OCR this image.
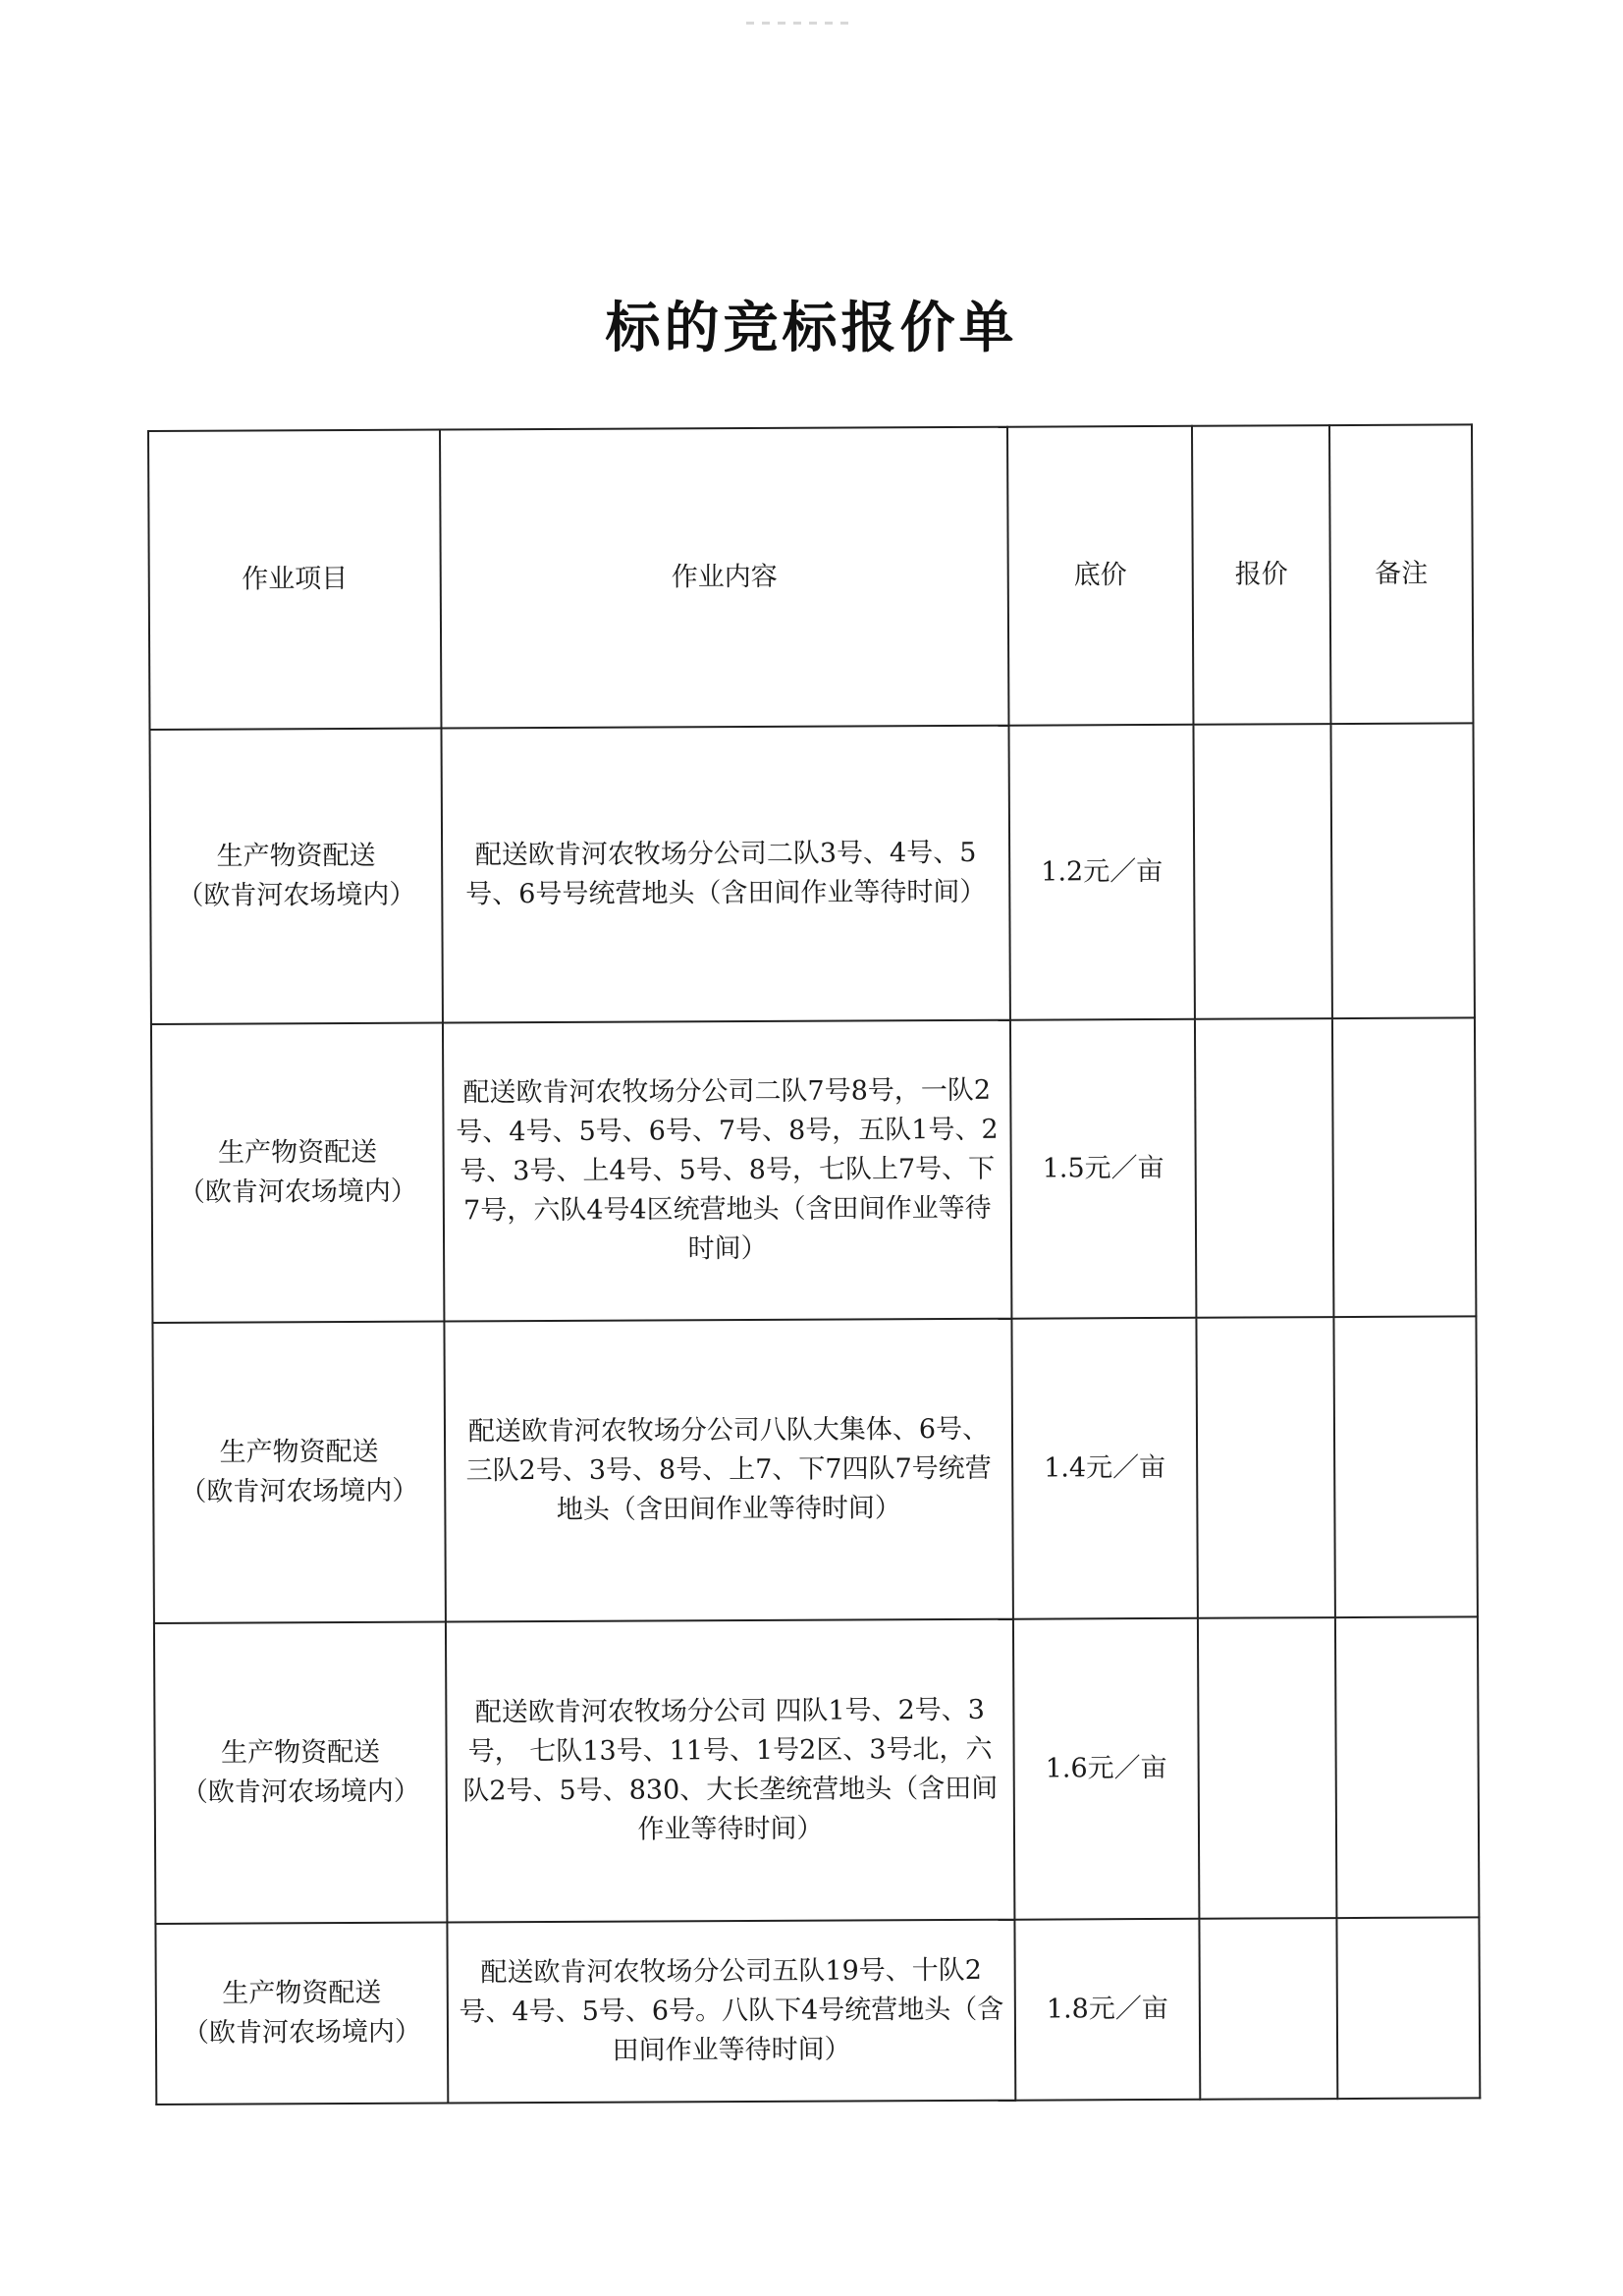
标的竞标报价单
作业项目	作业内容	底价	报价	备注

生产物资配送
（欧肯河农场境内）	配送欧肯河农牧场分公司二队3号、4号、5号、6号号统营地头（含田间作业等待时间）	1.2元／亩		

生产物资配送
（欧肯河农场境内）	配送欧肯河农牧场分公司二队7号8号，一队2号、4号、5号、6号、7号、8号，五队1号、2号、3号、上4号、5号、8号，七队上7号、下7号，六队4号4区统营地头（含田间作业等待时间）	1.5元／亩		

生产物资配送
（欧肯河农场境内）	配送欧肯河农牧场分公司八队大集体、6号、三队2号、3号、8号、上7、下7四队7号统营地头（含田间作业等待时间）	1.4元／亩		

生产物资配送
（欧肯河农场境内）	配送欧肯河农牧场分公司 四队1号、2号、3号， 七队13号、11号、1号2区、3号北，六队2号、5号、830、大长垄统营地头（含田间作业等待时间）	1.6元／亩		

生产物资配送
（欧肯河农场境内）	配送欧肯河农牧场分公司五队19号、十队2号、4号、5号、6号。八队下4号统营地头（含田间作业等待时间）	1.8元／亩		
